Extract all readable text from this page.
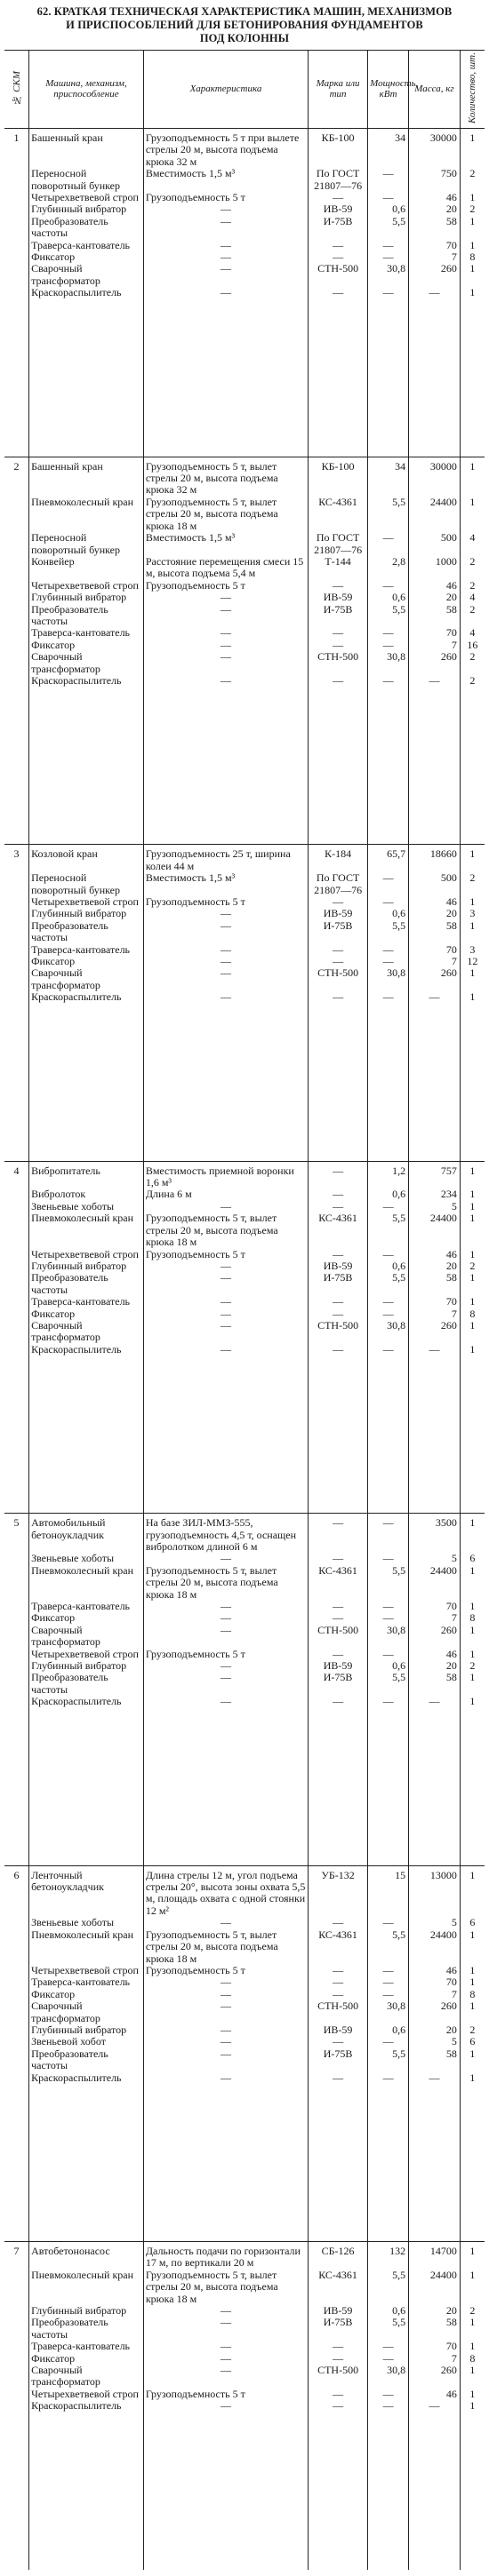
62. КРАТКАЯ ТЕХНИЧЕСКАЯ ХАРАКТЕРИСТИКА МАШИН, МЕХАНИЗМОВ
И ПРИСПОСОБЛЕНИЙ ДЛЯ БЕТОНИРОВАНИЯ ФУНДАМЕНТОВ
ПОД КОЛОННЫ
№ СКМ	Машина, механизм, приспособление	Характеристика	Марка или тип	Мощность, кВт	Масса, кг	Количество, шт.
1	Башенный кран	Грузоподъемность 5 т при вылете стрелы 20 м, высота подъема крюка 32 м	КБ-100	34	30000	1
	Переносной поворотный бункер	Вместимость 1,5 м³	По ГОСТ 21807—76	—	750	2
	Четырехветвевой строп	Грузоподъемность 5 т	—	—	46	1
	Глубинный вибратор	—	ИВ-59	0,6	20	2
	Преобразователь частоты	—	И-75В	5,5	58	1
	Траверса-кантователь	—	—	—	70	1
	Фиксатор	—	—	—	7	8
	Сварочный трансформатор	—	СТН-500	30,8	260	1
	Краскораспылитель	—	—	—	—	1

2	Башенный кран	Грузоподъемность 5 т, вылет стрелы 20 м, высота подъема крюка 32 м	КБ-100	34	30000	1
	Пневмоколесный кран	Грузоподъемность 5 т, вылет стрелы 20 м, высота подъема крюка 18 м	КС-4361	5,5	24400	1
	Переносной поворотный бункер	Вместимость 1,5 м³	По ГОСТ 21807—76	—	500	4
	Конвейер	Расстояние перемещения смеси 15 м, высота подъема 5,4 м	Т-144	2,8	1000	2
	Четырехветвевой строп	Грузоподъемность 5 т	—	—	46	2
	Глубинный вибратор	—	ИВ-59	0,6	20	4
	Преобразователь частоты	—	И-75В	5,5	58	2
	Траверса-кантователь	—	—	—	70	4
	Фиксатор	—	—	—	7	16
	Сварочный трансформатор	—	СТН-500	30,8	260	2
	Краскораспылитель	—	—	—	—	2

3	Козловой кран	Грузоподъемность 25 т, ширина колеи 44 м	К-184	65,7	18660	1
	Переносной поворотный бункер	Вместимость 1,5 м³	По ГОСТ 21807—76	—	500	2
	Четырехветвевой строп	Грузоподъемность 5 т	—	—	46	1
	Глубинный вибратор	—	ИВ-59	0,6	20	3
	Преобразователь частоты	—	И-75В	5,5	58	1
	Траверса-кантователь	—	—	—	70	3
	Фиксатор	—	—	—	7	12
	Сварочный трансформатор	—	СТН-500	30,8	260	1
	Краскораспылитель	—	—	—	—	1

4	Вибропитатель	Вместимость приемной воронки 1,6 м³	—	1,2	757	1
	Вибролоток	Длина 6 м	—	0,6	234	1
	Звеньевые хоботы	—	—	—	5	1
	Пневмоколесный кран	Грузоподъемность 5 т, вылет стрелы 20 м, высота подъема крюка 18 м	КС-4361	5,5	24400	1
	Четырехветвевой строп	Грузоподъемность 5 т	—	—	46	1
	Глубинный вибратор	—	ИВ-59	0,6	20	2
	Преобразователь частоты	—	И-75В	5,5	58	1
	Траверса-кантователь	—	—	—	70	1
	Фиксатор	—	—	—	7	8
	Сварочный трансформатор	—	СТН-500	30,8	260	1
	Краскораспылитель	—	—	—	—	1

5	Автомобильный бетоноукладчик	На базе ЗИЛ-ММЗ-555, грузоподъемность 4,5 т, оснащен вибролотком длиной 6 м	—	—	3500	1
	Звеньевые хоботы	—	—	—	5	6
	Пневмоколесный кран	Грузоподъемность 5 т, вылет стрелы 20 м, высота подъема крюка 18 м	КС-4361	5,5	24400	1
	Траверса-кантователь	—	—	—	70	1
	Фиксатор	—	—	—	7	8
	Сварочный трансформатор	—	СТН-500	30,8	260	1
	Четырехветвевой строп	Грузоподъемность 5 т	—	—	46	1
	Глубинный вибратор	—	ИВ-59	0,6	20	2
	Преобразователь частоты	—	И-75В	5,5	58	1
	Краскораспылитель	—	—	—	—	1

6	Ленточный бетоноукладчик	Длина стрелы 12 м, угол подъема стрелы 20°, высота зоны охвата 5,5 м, площадь охвата с одной стоянки 12 м²	УБ-132	15	13000	1
	Звеньевые хоботы	—	—	—	5	6
	Пневмоколесный кран	Грузоподъемность 5 т, вылет стрелы 20 м, высота подъема крюка 18 м	КС-4361	5,5	24400	1
	Четырехветвевой строп	Грузоподъемность 5 т	—	—	46	1
	Траверса-кантователь	—	—	—	70	1
	Фиксатор	—	—	—	7	8
	Сварочный трансформатор	—	СТН-500	30,8	260	1
	Глубинный вибратор	—	ИВ-59	0,6	20	2
	Звеньевой хобот	—	—	—	5	6
	Преобразователь частоты	—	И-75В	5,5	58	1
	Краскораспылитель	—	—	—	—	1

7	Автобетононасос	Дальность подачи по горизонтали 17 м, по вертикали 20 м	СБ-126	132	14700	1
	Пневмоколесный кран	Грузоподъемность 5 т, вылет стрелы 20 м, высота подъема крюка 18 м	КС-4361	5,5	24400	1
	Глубинный вибратор	—	ИВ-59	0,6	20	2
	Преобразователь частоты	—	И-75В	5,5	58	1
	Траверса-кантователь	—	—	—	70	1
	Фиксатор	—	—	—	7	8
	Сварочный трансформатор	—	СТН-500	30,8	260	1
	Четырехветвевой строп	Грузоподъемность 5 т	—	—	46	1
	Краскораспылитель	—	—	—	—	1
